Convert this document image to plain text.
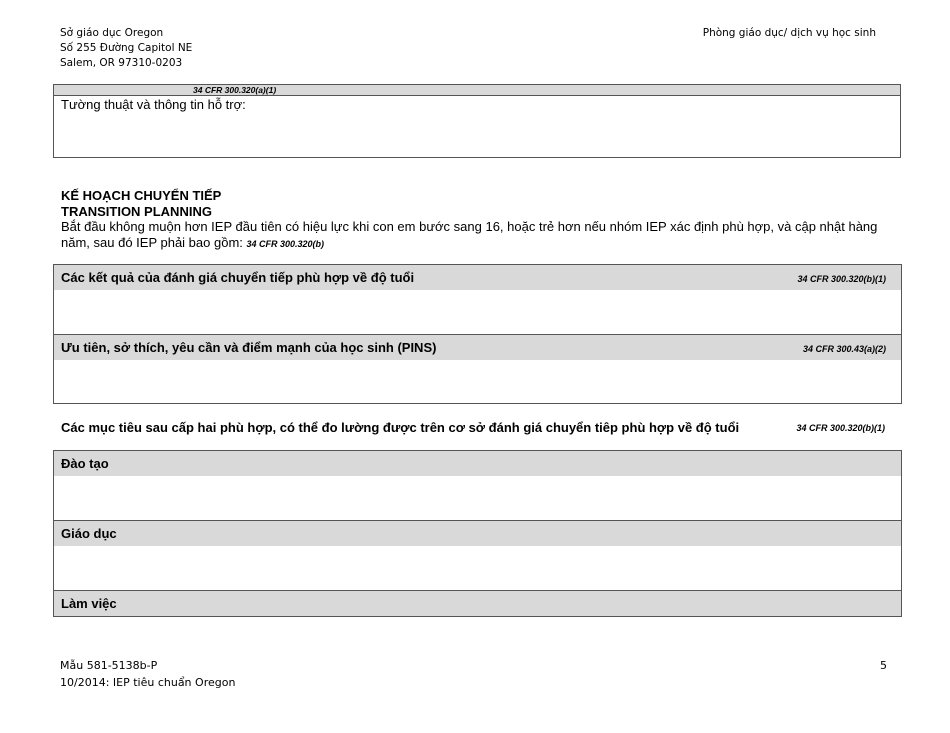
Sở giáo dục Oregon
Số 255 Đường Capitol NE
Salem, OR 97310-0203
Phòng giáo dục/ dịch vụ học sinh
34 CFR 300.320(a)(1)
Tường thuật và thông tin hỗ trợ:
KẾ HOẠCH CHUYỂN TIẾP
TRANSITION PLANNING
Bắt đầu không muộn hơn IEP đầu tiên có hiệu lực khi con em bước sang 16, hoặc trẻ hơn nếu nhóm IEP xác định phù hợp, và cập nhật hàng
năm, sau đó IEP phải bao gồm: 34 CFR 300.320(b)
Các kết quả của đánh giá chuyển tiếp phù hợp về độ tuổi	34 CFR 300.320(b)(1)
Ưu tiên, sở thích, yêu cần và điểm mạnh của học sinh (PINS)	34 CFR 300.43(a)(2)
Các mục tiêu sau cấp hai phù hợp, có thể đo lường được trên cơ sở đánh giá chuyển tiêp phù hợp về độ tuổi	34 CFR 300.320(b)(1)
Đào tạo
Giáo dục
Làm việc
Mẫu 581-5138b-P
10/2014: IEP tiêu chuẩn Oregon
5
